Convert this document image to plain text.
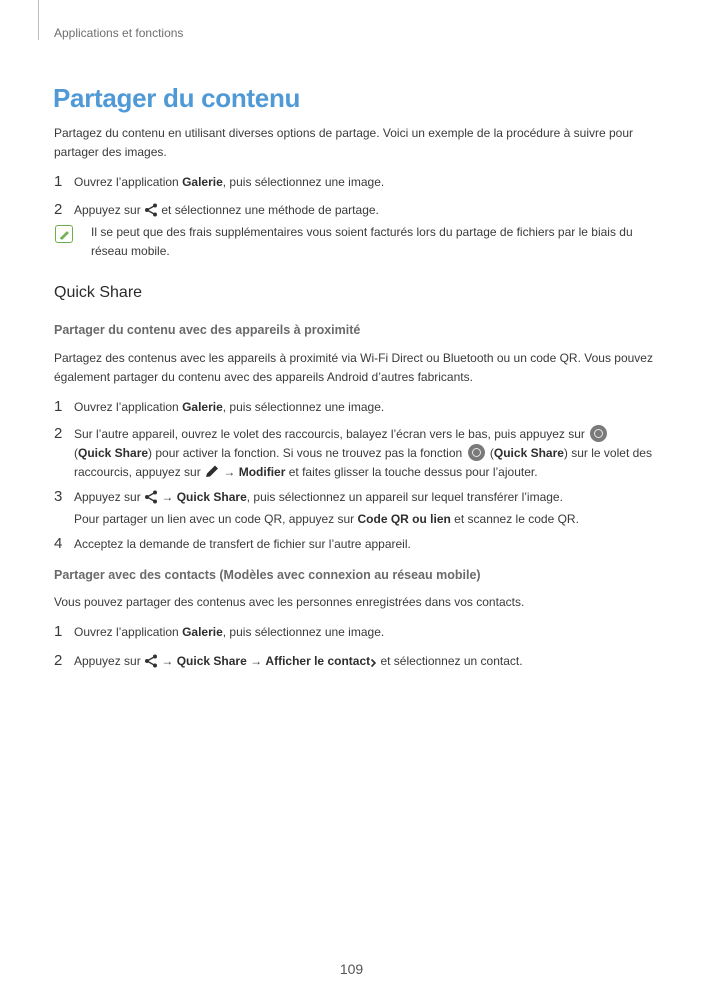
Applications et fonctions
Partager du contenu
Partagez du contenu en utilisant diverses options de partage. Voici un exemple de la procédure à suivre pour partager des images.
1 Ouvrez l’application Galerie, puis sélectionnez une image.
2 Appuyez sur  et sélectionnez une méthode de partage.
Il se peut que des frais supplémentaires vous soient facturés lors du partage de fichiers par le biais du réseau mobile.
Quick Share
Partager du contenu avec des appareils à proximité
Partagez des contenus avec les appareils à proximité via Wi-Fi Direct ou Bluetooth ou un code QR. Vous pouvez également partager du contenu avec des appareils Android d’autres fabricants.
1 Ouvrez l’application Galerie, puis sélectionnez une image.
2 Sur l’autre appareil, ouvrez le volet des raccourcis, balayez l’écran vers le bas, puis appuyez sur
(Quick Share) pour activer la fonction. Si vous ne trouvez pas la fonction  (Quick Share) sur le volet des raccourcis, appuyez sur  → Modifier et faites glisser la touche dessus pour l’ajouter.
3 Appuyez sur  → Quick Share, puis sélectionnez un appareil sur lequel transférer l’image.
Pour partager un lien avec un code QR, appuyez sur Code QR ou lien et scannez le code QR.
4 Acceptez la demande de transfert de fichier sur l’autre appareil.
Partager avec des contacts (Modèles avec connexion au réseau mobile)
Vous pouvez partager des contenus avec les personnes enregistrées dans vos contacts.
1 Ouvrez l’application Galerie, puis sélectionnez une image.
2 Appuyez sur  → Quick Share → Afficher le contact et sélectionnez un contact.
109
